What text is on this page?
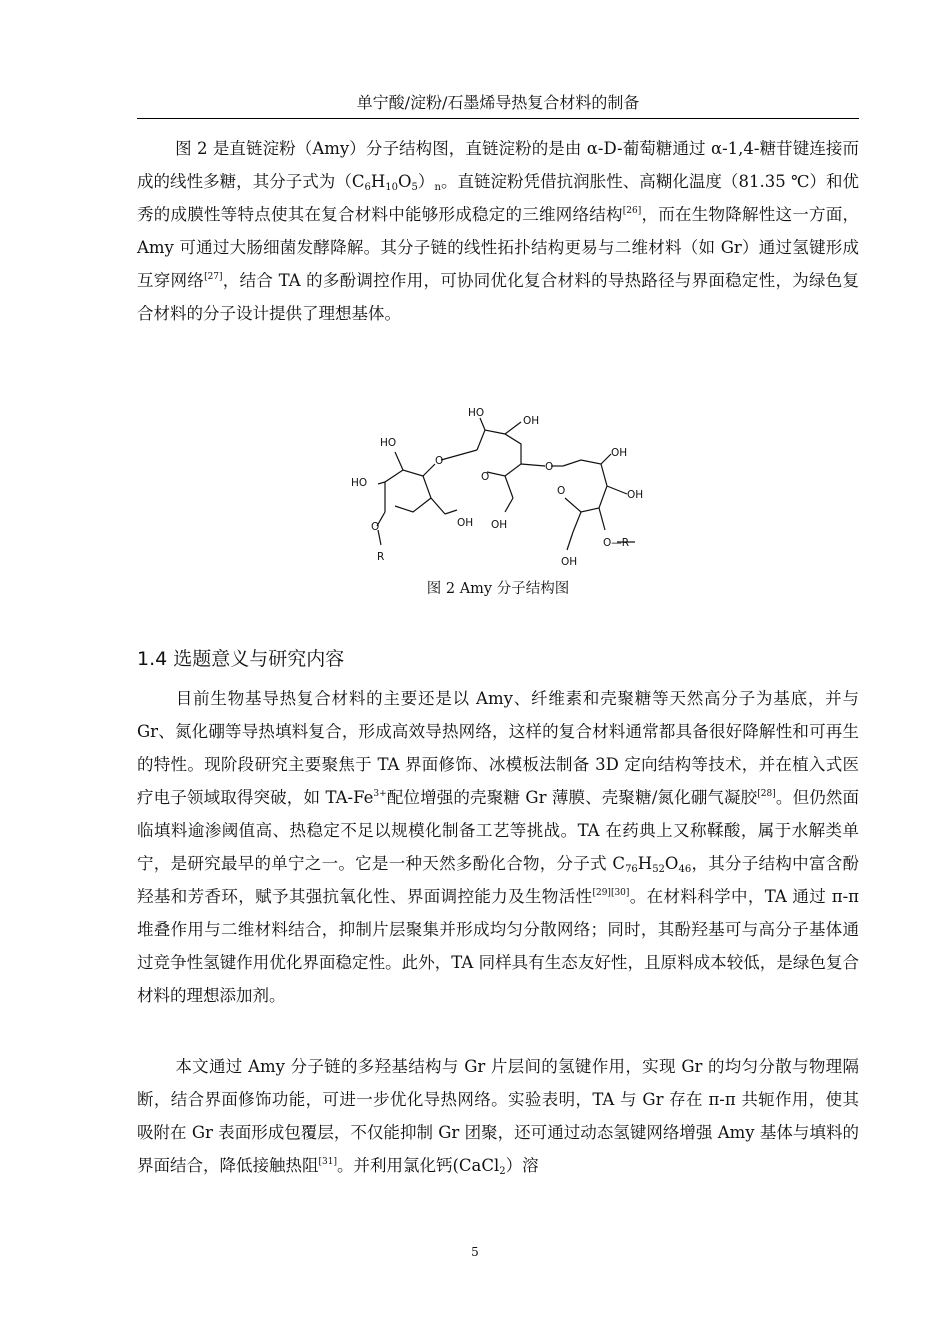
单宁酸/淀粉/石墨烯导热复合材料的制备

图 2 是直链淀粉（Amy）分子结构图，直链淀粉的是由 α-D-葡萄糖通过 α-1,4-糖苷键连接而成的线性多糖，其分子式为$(C_6H_{10}O_5)_n$。直链淀粉凭借抗润胀性、高糊化温度（81.35 ℃）和优秀的成膜性等特点使其在复合材料中能够形成稳定的三维网络结构[26]，而在生物降解性这一方面，Amy 可通过大肠细菌发酵降解。其分子链的线性拓扑结构更易与二维材料（如 Gr）通过氢键形成互穿网络[27]，结合 TA 的多酚调控作用，可协同优化复合材料的导热路径与界面稳定性，为绿色复合材料的分子设计提供了理想基体。

HO
HO
O
R
OH
O
HO
OH
O
OH
O
O
OH
OH
O—R
OH
图 2 Amy 分子结构图
1.4 选题意义与研究内容

目前生物基导热复合材料的主要还是以 Amy、纤维素和壳聚糖等天然高分子为基底，并与 Gr、氮化硼等导热填料复合，形成高效导热网络，这样的复合材料通常都具备很好降解性和可再生的特性。现阶段研究主要聚焦于 TA 界面修饰、冰模板法制备 3D 定向结构等技术，并在植入式医疗电子领域取得突破，如 $TA-Fe^{3+}$配位增强的壳聚糖 Gr 薄膜、壳聚糖/氮化硼气凝胶[28]。但仍然面临填料逾渗阈值高、热稳定不足以规模化制备工艺等挑战。TA 在药典上又称鞣酸，属于水解类单宁，是研究最早的单宁之一。它是一种天然多酚化合物，分子式 $C_{76}H_{52}O_{46}$，其分子结构中富含酚羟基和芳香环，赋予其强抗氧化性、界面调控能力及生物活性[29][30]。在材料科学中，TA 通过 π-π 堆叠作用与二维材料结合，抑制片层聚集并形成均匀分散网络；同时，其酚羟基可与高分子基体通过竞争性氢键作用优化界面稳定性。此外，TA 同样具有生态友好性，且原料成本较低，是绿色复合材料的理想添加剂。

本文通过 Amy 分子链的多羟基结构与 Gr 片层间的氢键作用，实现 Gr 的均匀分散与物理隔断，结合界面修饰功能，可进一步优化导热网络。实验表明，TA 与 Gr 存在 π-π 共轭作用，使其吸附在 Gr 表面形成包覆层，不仅能抑制 Gr 团聚，还可通过动态氢键网络增强 Amy 基体与填料的界面结合，降低接触热阻[31]。并利用氯化钙(CaCl$_2$）溶

5
